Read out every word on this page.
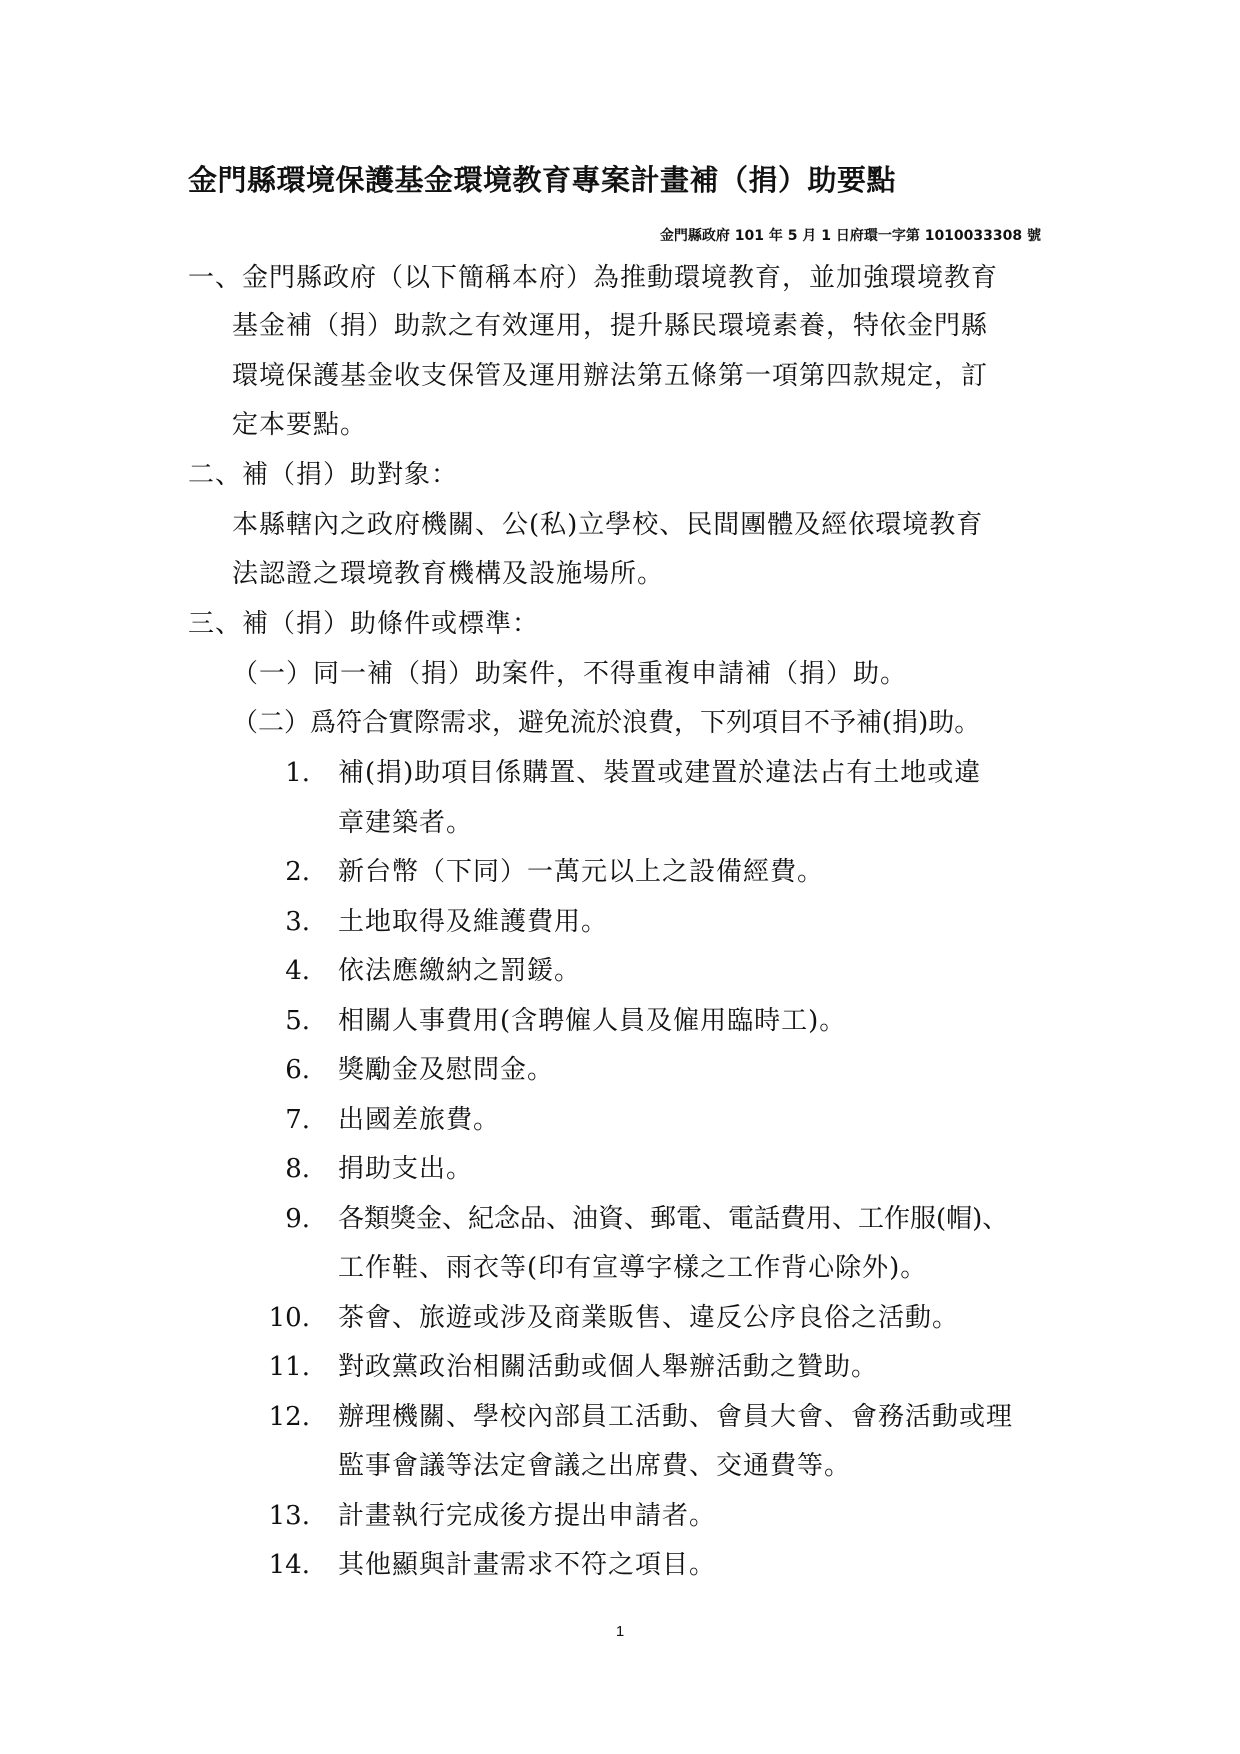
金門縣環境保護基金環境教育專案計畫補（捐）助要點
金門縣政府 101 年 5 月 1 日府環一字第 1010033308 號
一、金門縣政府（以下簡稱本府）為推動環境教育，並加強環境教育
基金補（捐）助款之有效運用，提升縣民環境素養，特依金門縣
環境保護基金收支保管及運用辦法第五條第一項第四款規定，訂
定本要點。
二、補（捐）助對象：
本縣轄內之政府機關、公(私)立學校、民間團體及經依環境教育
法認證之環境教育機構及設施場所。
三、補（捐）助條件或標準：
（一）同一補（捐）助案件，不得重複申請補（捐）助。
（二）爲符合實際需求，避免流於浪費，下列項目不予補(捐)助。
1. 補(捐)助項目係購置、裝置或建置於違法占有土地或違
章建築者。
2. 新台幣（下同）一萬元以上之設備經費。
3. 土地取得及維護費用。
4. 依法應繳納之罰鍰。
5. 相關人事費用(含聘僱人員及僱用臨時工)。
6. 獎勵金及慰問金。
7. 出國差旅費。
8. 捐助支出。
9. 各類獎金、紀念品、油資、郵電、電話費用、工作服(帽)、
工作鞋、雨衣等(印有宣導字樣之工作背心除外)。
10. 茶會、旅遊或涉及商業販售、違反公序良俗之活動。
11. 對政黨政治相關活動或個人舉辦活動之贊助。
12. 辦理機關、學校內部員工活動、會員大會、會務活動或理
監事會議等法定會議之出席費、交通費等。
13. 計畫執行完成後方提出申請者。
14. 其他顯與計畫需求不符之項目。
1
